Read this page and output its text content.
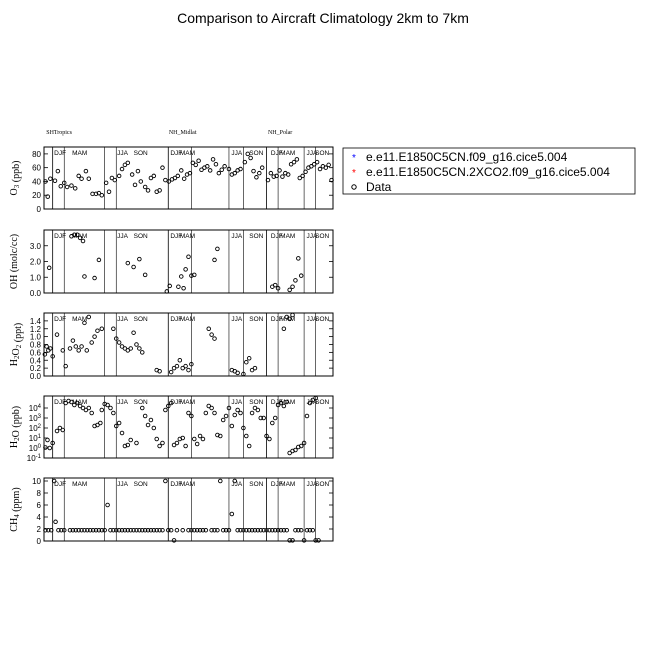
Comparison to Aircraft Climatology 2km to 7km
DJF MAM	JJA SON	DJF
MAM	JJA SON DJF
MAM JJA
SON
0
20
40
60
80
$O_3$ (ppb)
SH Tropics	NH_Midlat	NH_Polar
DJF MAM	JJA SON	DJF
MAM	JJA SON DJF
MAM JJA
SON
0.0
1.0
2.0
3.0
OH (molc/cc)
DJF MAM	JJA SON	DJF
MAM	JJA SON DJF
MAM JJA
SON
0.0
0.2
0.4
0.6
0.8
1.0
1.2
1.4
$H_2O_2$ (ppt)
DJF MAM	JJA SON	DJF
MAM	JJA SON DJF
MAM JJA
SON
$10^{-1}$
$10^0$
$10^1$
$10^2$
$10^3$
$10^4$
$H_2O$ (ppb)
DJF MAM	JJA SON	DJF
MAM	JJA SON DJF
MAM JJA
SON
0
2
4
6
8
10
$CH_4$ (ppm)
* e.e11.E1850C5CN.f09_g16.cice5.004
* e.e11.E1850C5CN.2XCO2.f09_g16.cice5.004
Data
